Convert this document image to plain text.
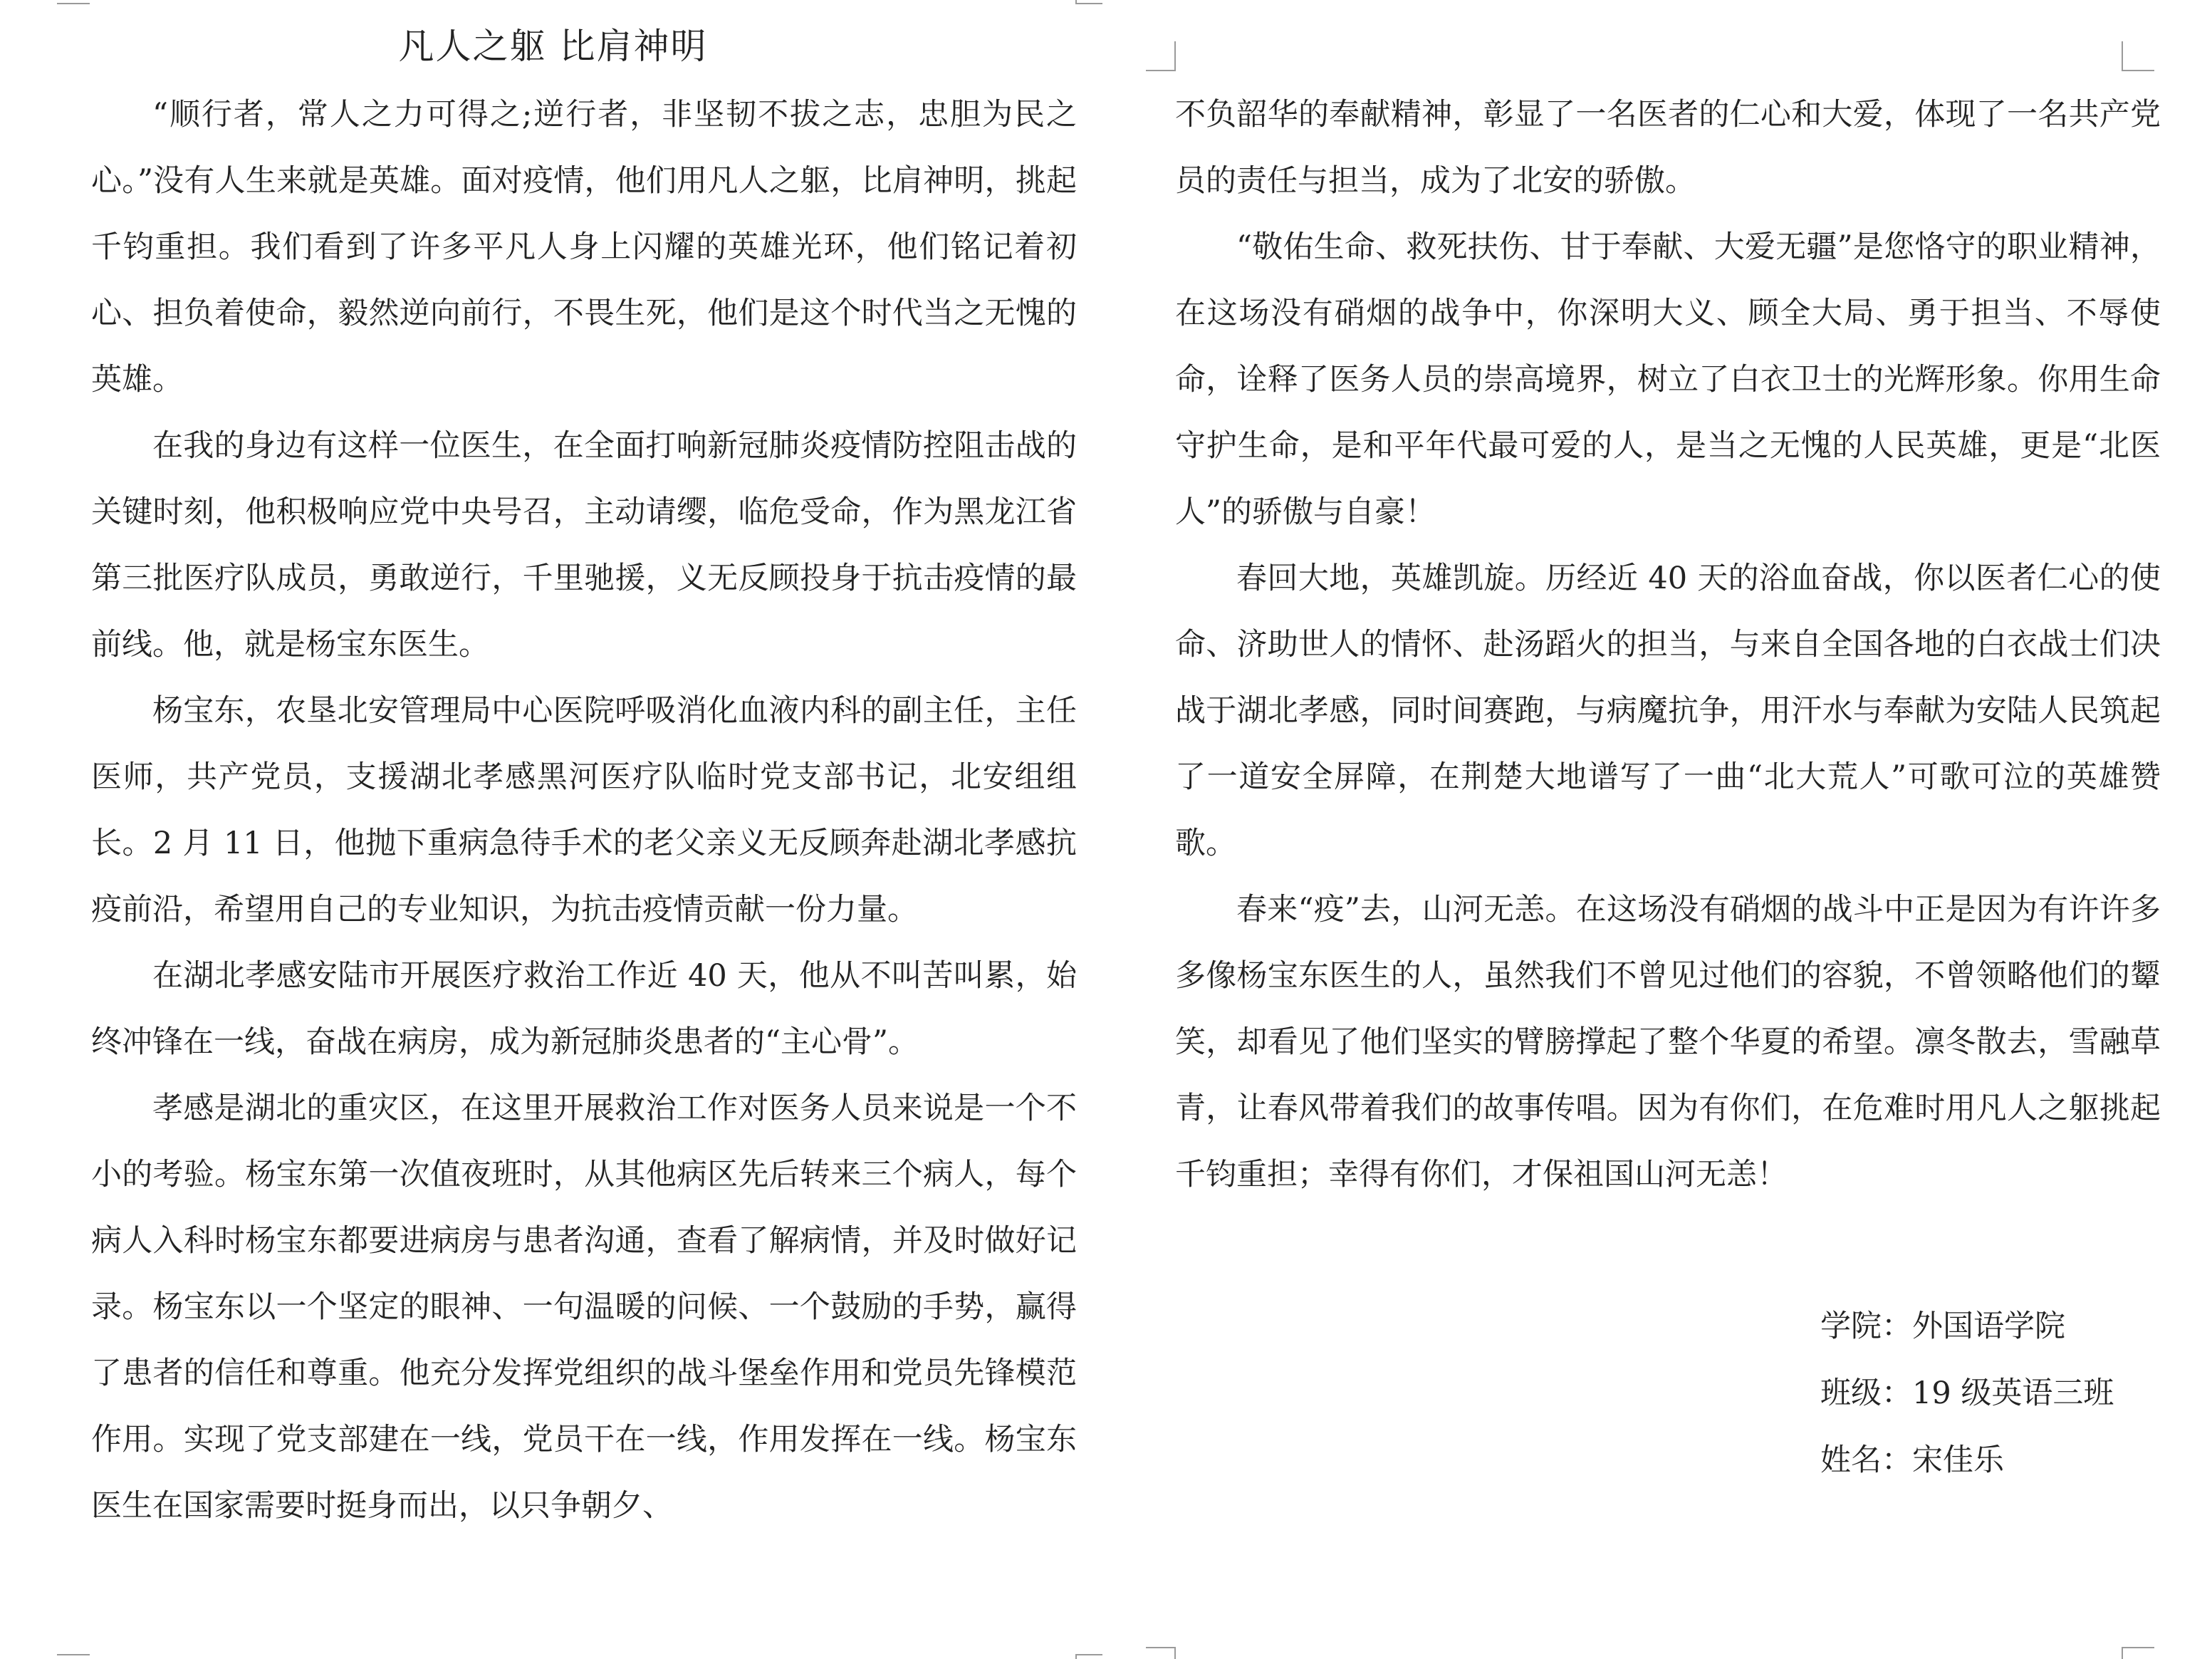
凡人之躯 比肩神明

“顺行者，常人之力可得之;逆行者，非坚韧不拔之志，忠胆为民之心。”没有人生来就是英雄。面对疫情，他们用凡人之躯，比肩神明，挑起千钧重担。我们看到了许多平凡人身上闪耀的英雄光环，他们铭记着初心、担负着使命，毅然逆向前行，不畏生死，他们是这个时代当之无愧的英雄。

在我的身边有这样一位医生，在全面打响新冠肺炎疫情防控阻击战的关键时刻，他积极响应党中央号召，主动请缨，临危受命，作为黑龙江省第三批医疗队成员，勇敢逆行，千里驰援，义无反顾投身于抗击疫情的最前线。他，就是杨宝东医生。

杨宝东，农垦北安管理局中心医院呼吸消化血液内科的副主任，主任医师，共产党员，支援湖北孝感黑河医疗队临时党支部书记，北安组组长。2 月 11 日，他抛下重病急待手术的老父亲义无反顾奔赴湖北孝感抗疫前沿，希望用自己的专业知识，为抗击疫情贡献一份力量。

在湖北孝感安陆市开展医疗救治工作近 40 天，他从不叫苦叫累，始终冲锋在一线，奋战在病房，成为新冠肺炎患者的“主心骨”。

孝感是湖北的重灾区，在这里开展救治工作对医务人员来说是一个不小的考验。杨宝东第一次值夜班时，从其他病区先后转来三个病人，每个病人入科时杨宝东都要进病房与患者沟通，查看了解病情，并及时做好记录。杨宝东以一个坚定的眼神、一句温暖的问候、一个鼓励的手势，赢得了患者的信任和尊重。他充分发挥党组织的战斗堡垒作用和党员先锋模范作用。实现了党支部建在一线，党员干在一线，作用发挥在一线。杨宝东医生在国家需要时挺身而出，以只争朝夕、

不负韶华的奉献精神，彰显了一名医者的仁心和大爱，体现了一名共产党员的责任与担当，成为了北安的骄傲。

“敬佑生命、救死扶伤、甘于奉献、大爱无疆”是您恪守的职业精神，在这场没有硝烟的战争中，你深明大义、顾全大局、勇于担当、不辱使命，诠释了医务人员的崇高境界，树立了白衣卫士的光辉形象。你用生命守护生命，是和平年代最可爱的人，是当之无愧的人民英雄，更是“北医人”的骄傲与自豪！

春回大地，英雄凯旋。历经近 40 天的浴血奋战，你以医者仁心的使命、济助世人的情怀、赴汤蹈火的担当，与来自全国各地的白衣战士们决战于湖北孝感，同时间赛跑，与病魔抗争，用汗水与奉献为安陆人民筑起了一道安全屏障，在荆楚大地谱写了一曲“北大荒人”可歌可泣的英雄赞歌。

春来“疫”去，山河无恙。在这场没有硝烟的战斗中正是因为有许许多多像杨宝东医生的人，虽然我们不曾见过他们的容貌，不曾领略他们的颦笑，却看见了他们坚实的臂膀撑起了整个华夏的希望。凛冬散去，雪融草青，让春风带着我们的故事传唱。因为有你们，在危难时用凡人之躯挑起千钧重担；幸得有你们，才保祖国山河无恙！

学院：外国语学院

班级：19 级英语三班

姓名：宋佳乐
